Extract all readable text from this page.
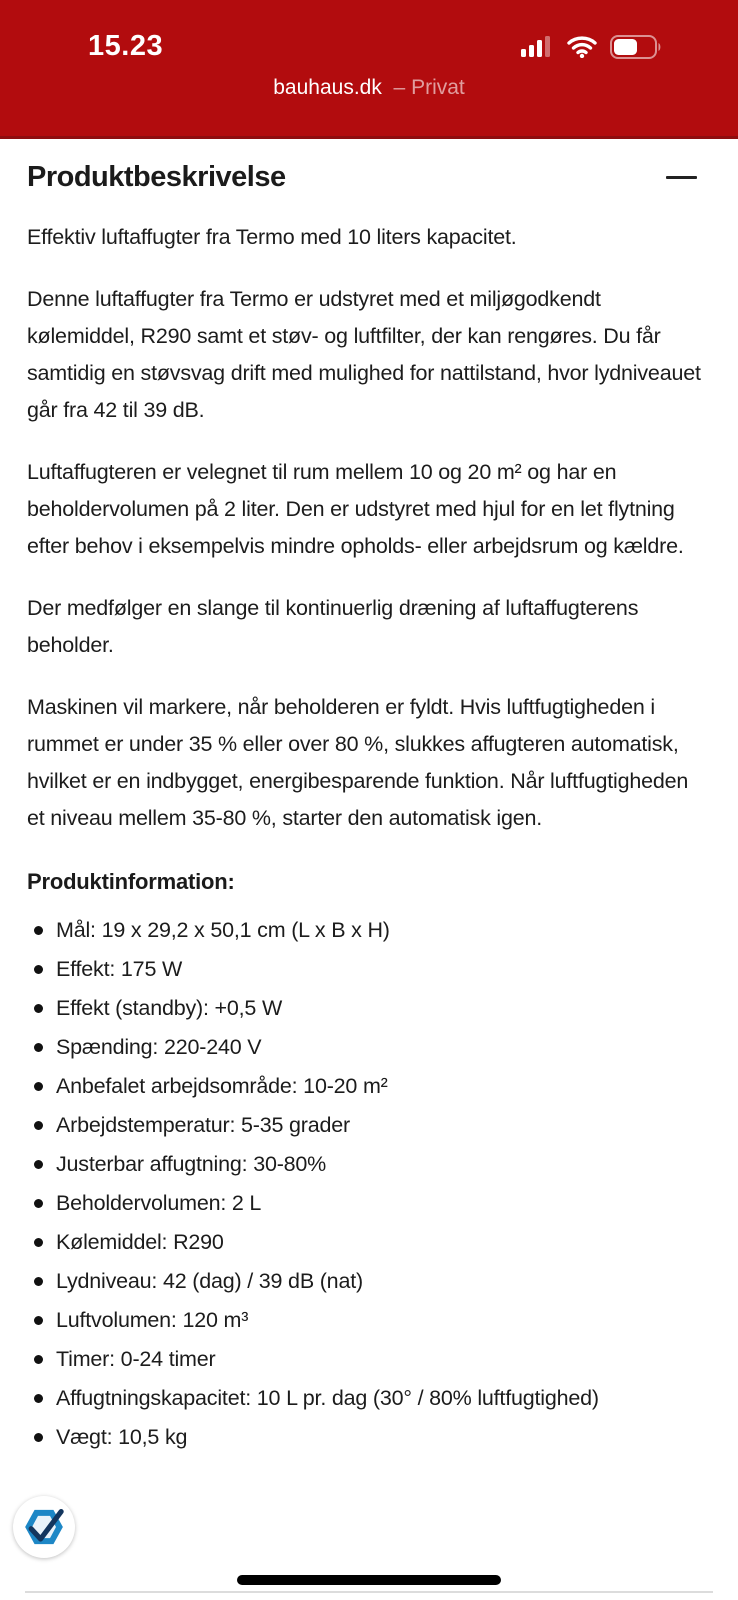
15.23
bauhaus.dk – Privat
Produktbeskrivelse

Effektiv luftaffugter fra Termo med 10 liters kapacitet.

Denne luftaffugter fra Termo er udstyret med et miljøgodkendt kølemiddel, R290 samt et støv- og luftfilter, der kan rengøres. Du får samtidig en støvsvag drift med mulighed for nattilstand, hvor lydniveauet går fra 42 til 39 dB.

Luftaffugteren er velegnet til rum mellem 10 og 20 m² og har en beholdervolumen på 2 liter. Den er udstyret med hjul for en let flytning efter behov i eksempelvis mindre opholds- eller arbejdsrum og kældre.

Der medfølger en slange til kontinuerlig dræning af luftaffugterens beholder.

Maskinen vil markere, når beholderen er fyldt. Hvis luftfugtigheden i rummet er under 35 % eller over 80 %, slukkes affugteren automatisk, hvilket er en indbygget, energibesparende funktion. Når luftfugtigheden et niveau mellem 35-80 %, starter den automatisk igen.

Produktinformation:
Mål: 19 x 29,2 x 50,1 cm (L x B x H)
Effekt: 175 W
Effekt (standby): +0,5 W
Spænding: 220-240 V
Anbefalet arbejdsområde: 10-20 m²
Arbejdstemperatur: 5-35 grader
Justerbar affugtning: 30-80%
Beholdervolumen: 2 L
Kølemiddel: R290
Lydniveau: 42 (dag) / 39 dB (nat)
Luftvolumen: 120 m³
Timer: 0-24 timer
Affugtningskapacitet: 10 L pr. dag (30° / 80% luftfugtighed)
Vægt: 10,5 kg
